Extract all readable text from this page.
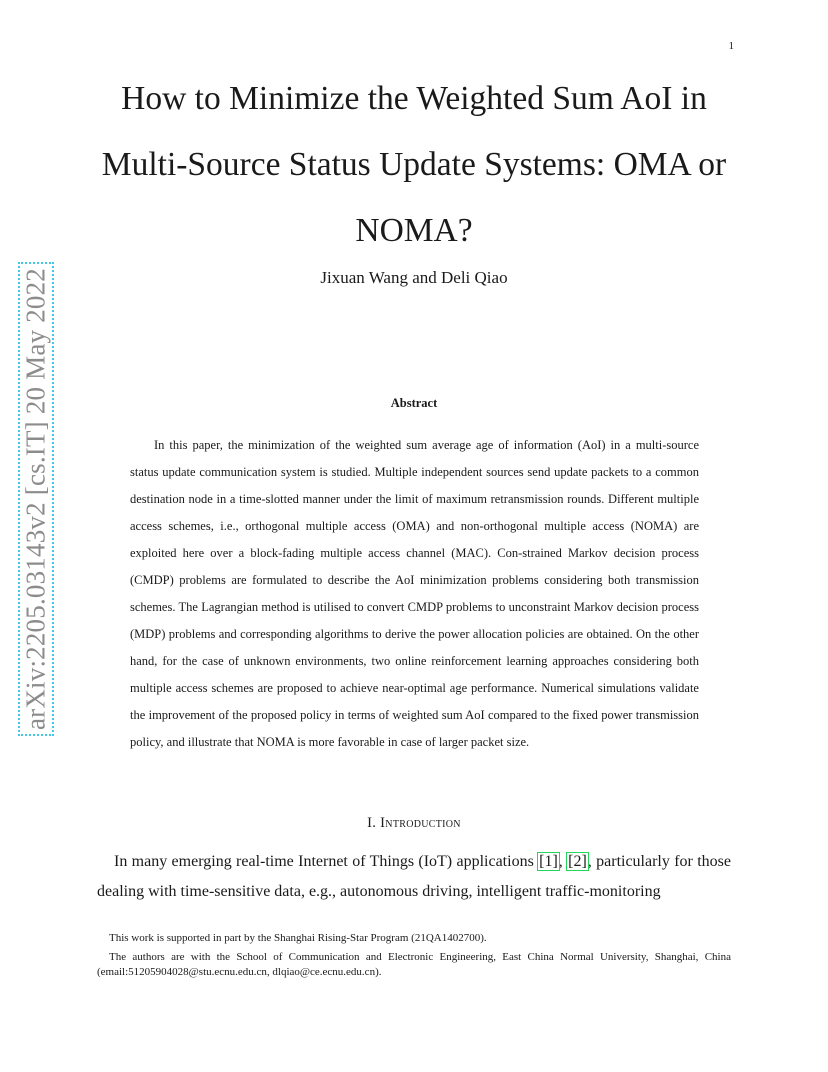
1
arXiv:2205.03143v2 [cs.IT] 20 May 2022
How to Minimize the Weighted Sum AoI in
Multi-Source Status Update Systems: OMA or
NOMA?
Jixuan Wang and Deli Qiao
Abstract

In this paper, the minimization of the weighted sum average age of information (AoI) in a multi-source status update communication system is studied. Multiple independent sources send update packets to a common destination node in a time-slotted manner under the limit of maximum retransmission rounds. Different multiple access schemes, i.e., orthogonal multiple access (OMA) and non-orthogonal multiple access (NOMA) are exploited here over a block-fading multiple access channel (MAC). Con-strained Markov decision process (CMDP) problems are formulated to describe the AoI minimization problems considering both transmission schemes. The Lagrangian method is utilised to convert CMDP problems to unconstraint Markov decision process (MDP) problems and corresponding algorithms to derive the power allocation policies are obtained. On the other hand, for the case of unknown environments, two online reinforcement learning approaches considering both multiple access schemes are proposed to achieve near-optimal age performance. Numerical simulations validate the improvement of the proposed policy in terms of weighted sum AoI compared to the fixed power transmission policy, and illustrate that NOMA is more favorable in case of larger packet size.

I. Introduction

In many emerging real-time Internet of Things (IoT) applications [1], [2], particularly for those dealing with time-sensitive data, e.g., autonomous driving, intelligent traffic-monitoring

This work is supported in part by the Shanghai Rising-Star Program (21QA1402700).

The authors are with the School of Communication and Electronic Engineering, East China Normal University, Shanghai, China (email:51205904028@stu.ecnu.edu.cn, dlqiao@ce.ecnu.edu.cn).
